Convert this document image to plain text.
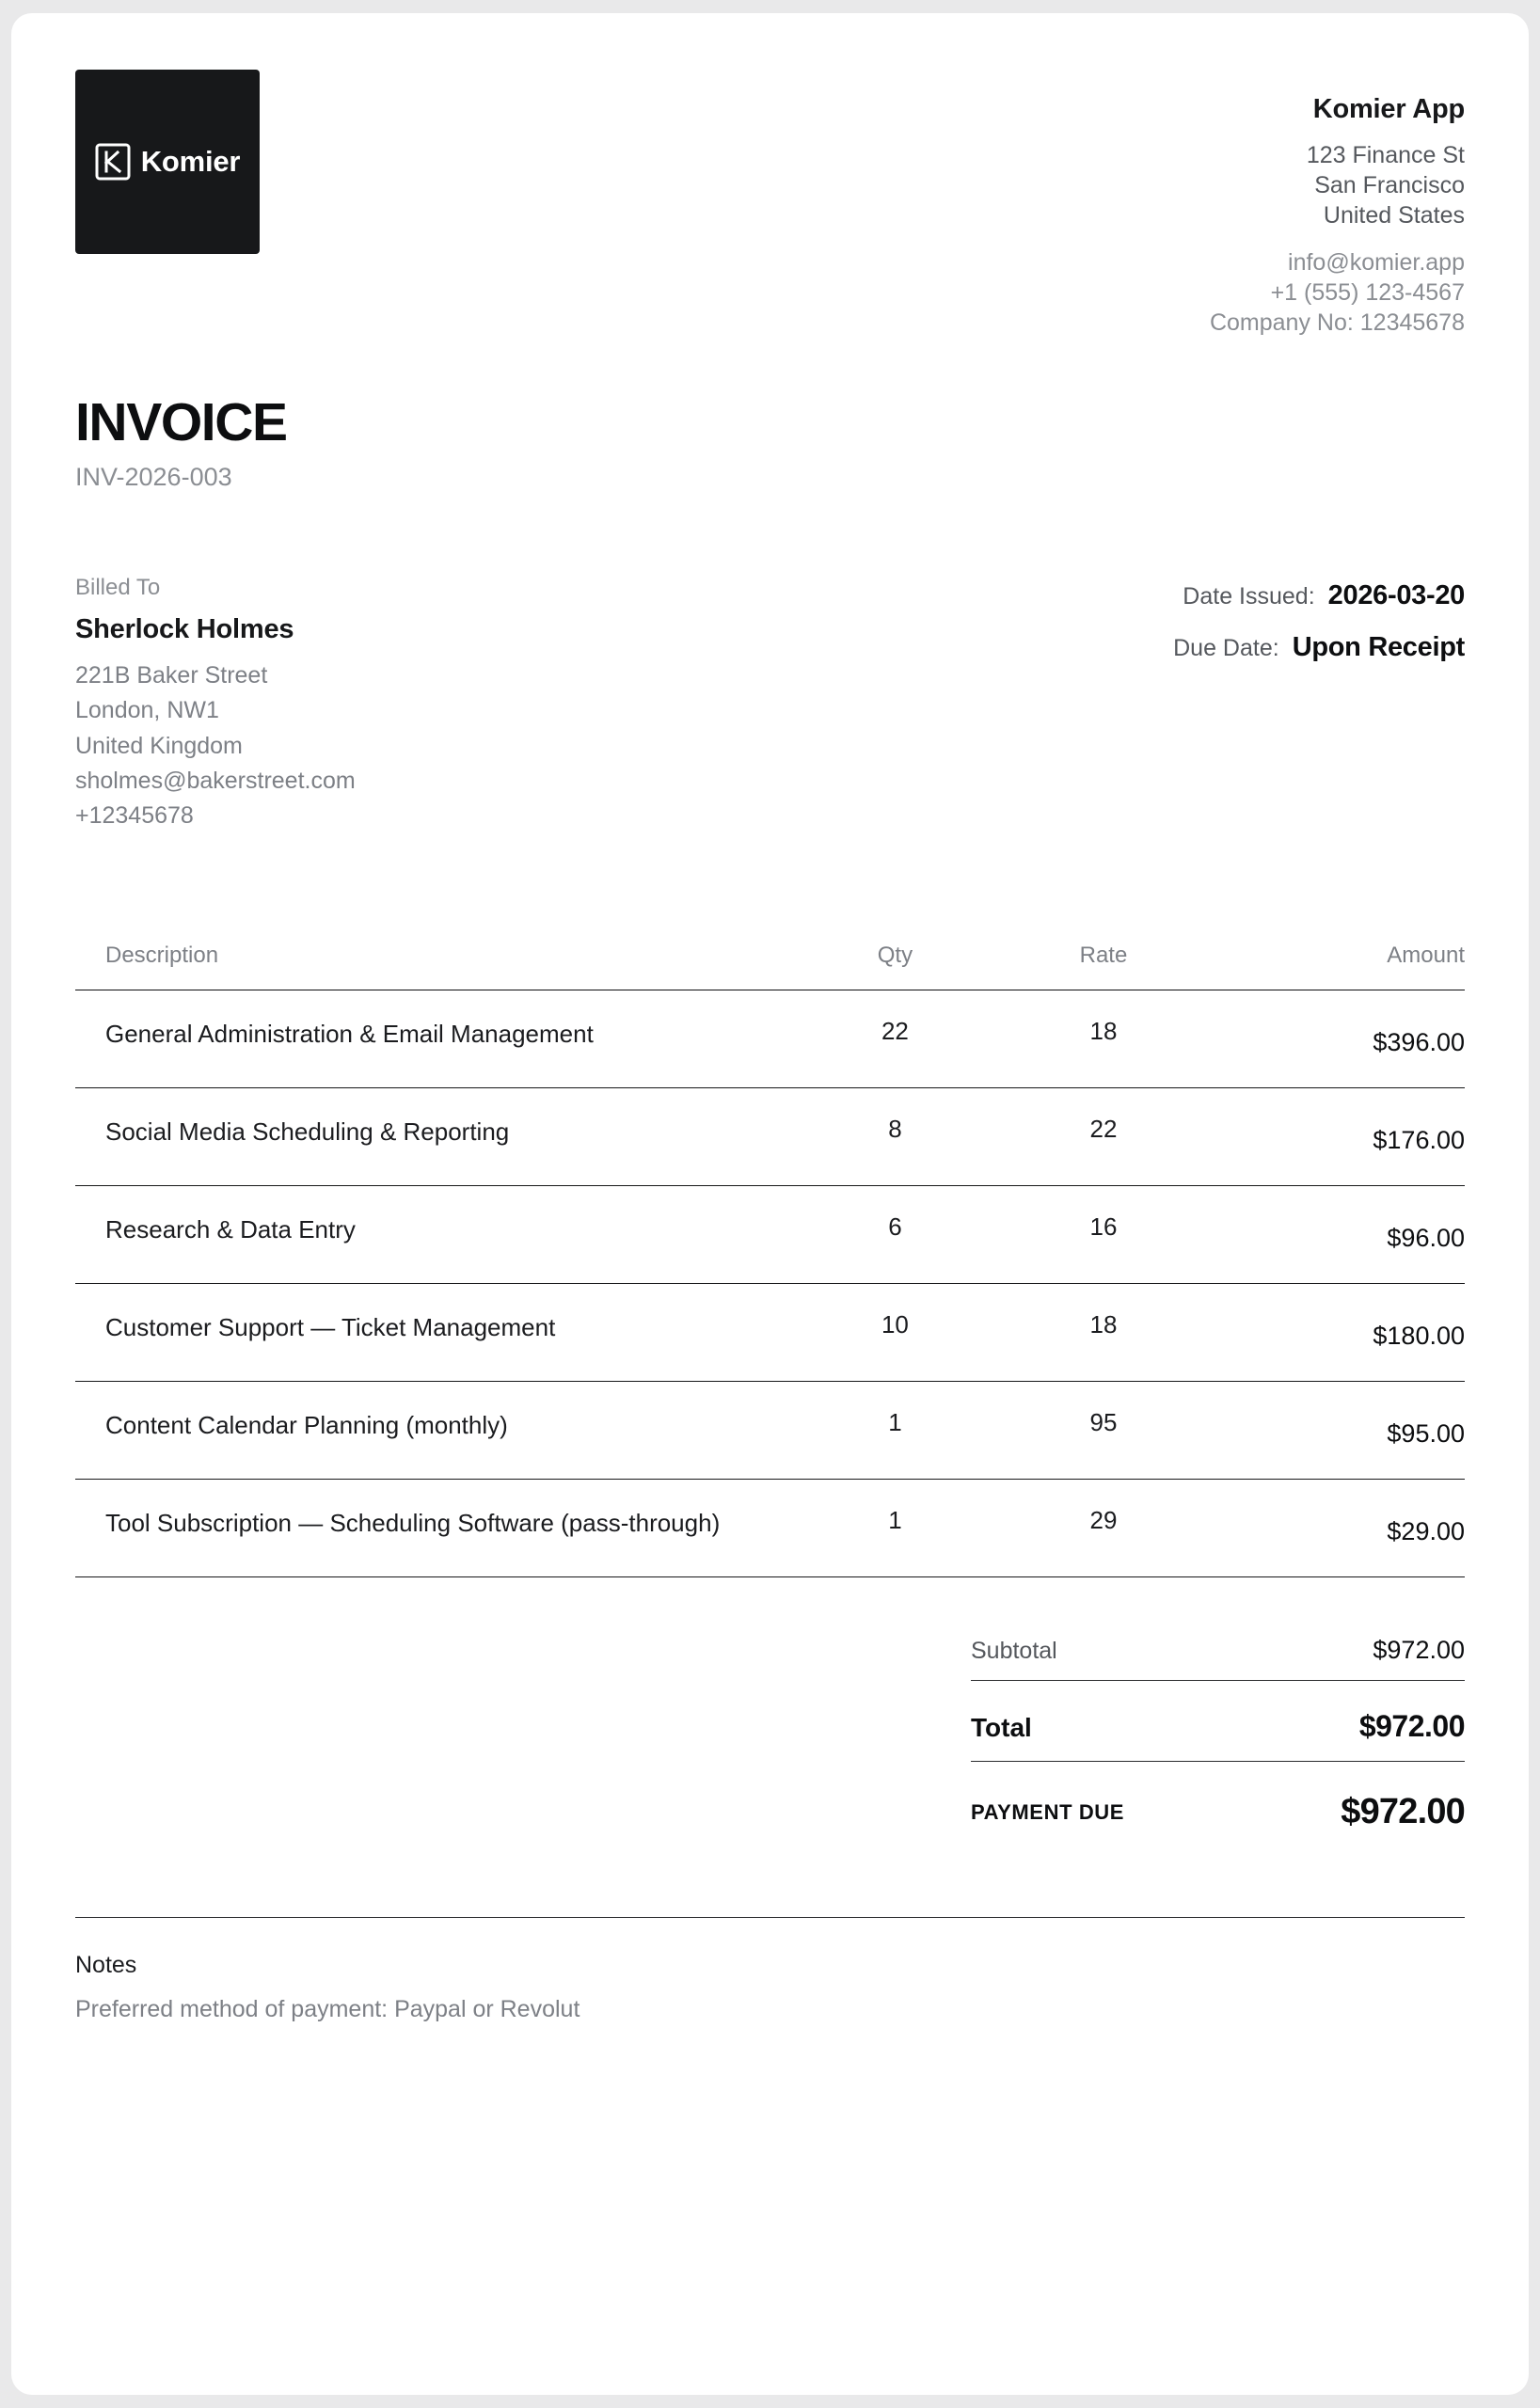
Komier
Komier App
123 Finance St
San Francisco
United States
info@komier.app
+1 (555) 123-4567
Company No: 12345678
INVOICE
INV-2026-003
Billed To
Sherlock Holmes
221B Baker Street
London, NW1
United Kingdom
sholmes@bakerstreet.com
+12345678
Date Issued: 2026-03-20
Due Date: Upon Receipt
Description	Qty	Rate	Amount
General Administration & Email Management	22	18	$396.00
Social Media Scheduling & Reporting	8	22	$176.00
Research & Data Entry	6	16	$96.00
Customer Support — Ticket Management	10	18	$180.00
Content Calendar Planning (monthly)	1	95	$95.00
Tool Subscription — Scheduling Software (pass-through)	1	29	$29.00
Subtotal	$972.00
Total	$972.00
PAYMENT DUE	$972.00
Notes
Preferred method of payment: Paypal or Revolut
